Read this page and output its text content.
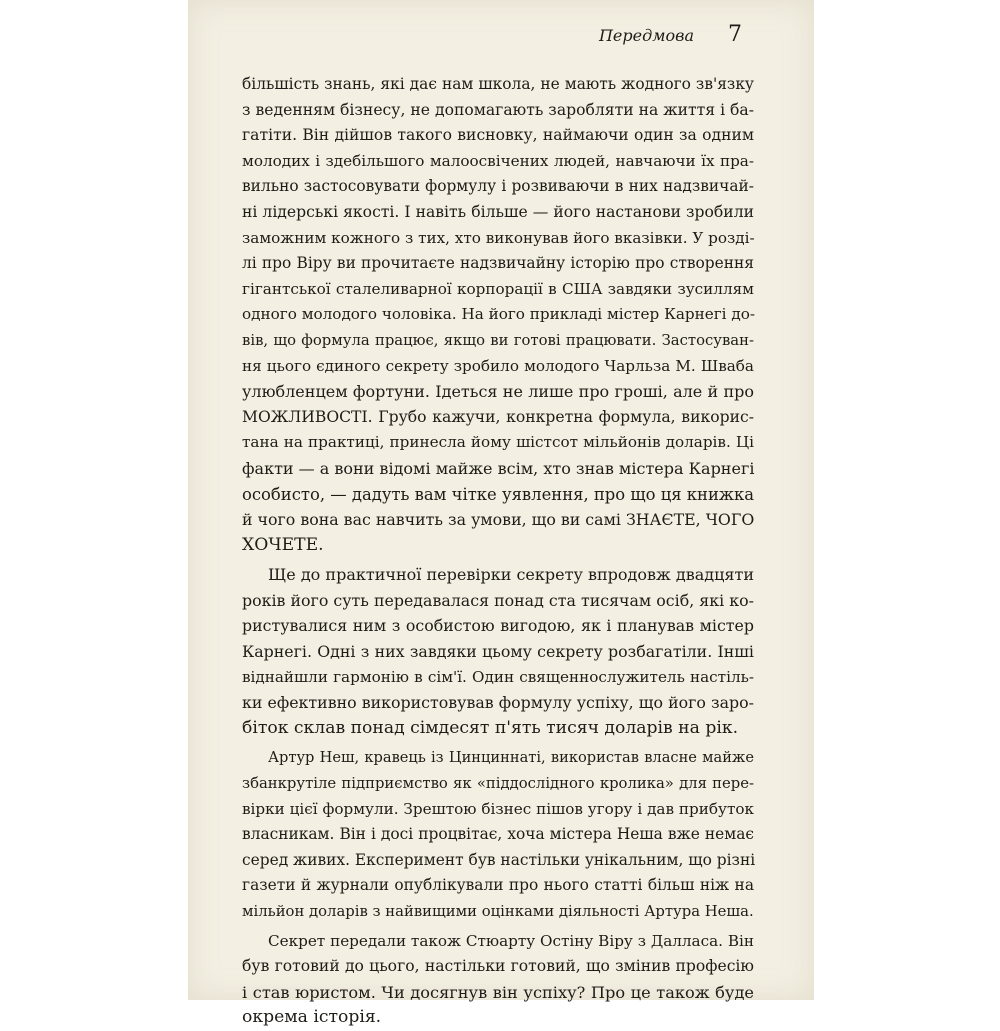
Передмова 7
більшість знань, які дає нам школа, не мають жодного зв'язку
з веденням бізнесу, не допомагають заробляти на життя і ба-
гатіти. Він дійшов такого висновку, наймаючи один за одним
молодих і здебільшого малоосвічених людей, навчаючи їх пра-
вильно застосовувати формулу і розвиваючи в них надзвичай-
ні лідерські якості. І навіть більше — його настанови зробили
заможним кожного з тих, хто виконував його вказівки. У розді-
лі про Віру ви прочитаєте надзвичайну історію про створення
гігантської сталеливарної корпорації в США завдяки зусиллям
одного молодого чоловіка. На його прикладі містер Карнегі до-
вів, що формула працює, якщо ви готові працювати. Застосуван-
ня цього єдиного секрету зробило молодого Чарльза М. Шваба
улюбленцем фортуни. Ідеться не лише про гроші, але й про
МОЖЛИВОСТІ. Грубо кажучи, конкретна формула, викорис-
тана на практиці, принесла йому шістсот мільйонів доларів. Ці
факти — а вони відомі майже всім, хто знав містера Карнегі
особисто, — дадуть вам чітке уявлення, про що ця книжка
й чого вона вас навчить за умови, що ви самі ЗНАЄТЕ, ЧОГО
ХОЧЕТЕ.
Ще до практичної перевірки секрету впродовж двадцяти
років його суть передавалася понад ста тисячам осіб, які ко-
ристувалися ним з особистою вигодою, як і планував містер
Карнегі. Одні з них завдяки цьому секрету розбагатіли. Інші
віднайшли гармонію в сім'ї. Один священнослужитель настіль-
ки ефективно використовував формулу успіху, що його заро-
біток склав понад сімдесят п'ять тисяч доларів на рік.
Артур Неш, кравець із Цинциннаті, використав власне майже
збанкрутіле підприємство як «піддослідного кролика» для пере-
вірки цієї формули. Зрештою бізнес пішов угору і дав прибуток
власникам. Він і досі процвітає, хоча містера Неша вже немає
серед живих. Експеримент був настільки унікальним, що різні
газети й журнали опублікували про нього статті більш ніж на
мільйон доларів з найвищими оцінками діяльності Артура Неша.
Секрет передали також Стюарту Остіну Віру з Далласа. Він
був готовий до цього, настільки готовий, що змінив професію
і став юристом. Чи досягнув він успіху? Про це також буде
окрема історія.
